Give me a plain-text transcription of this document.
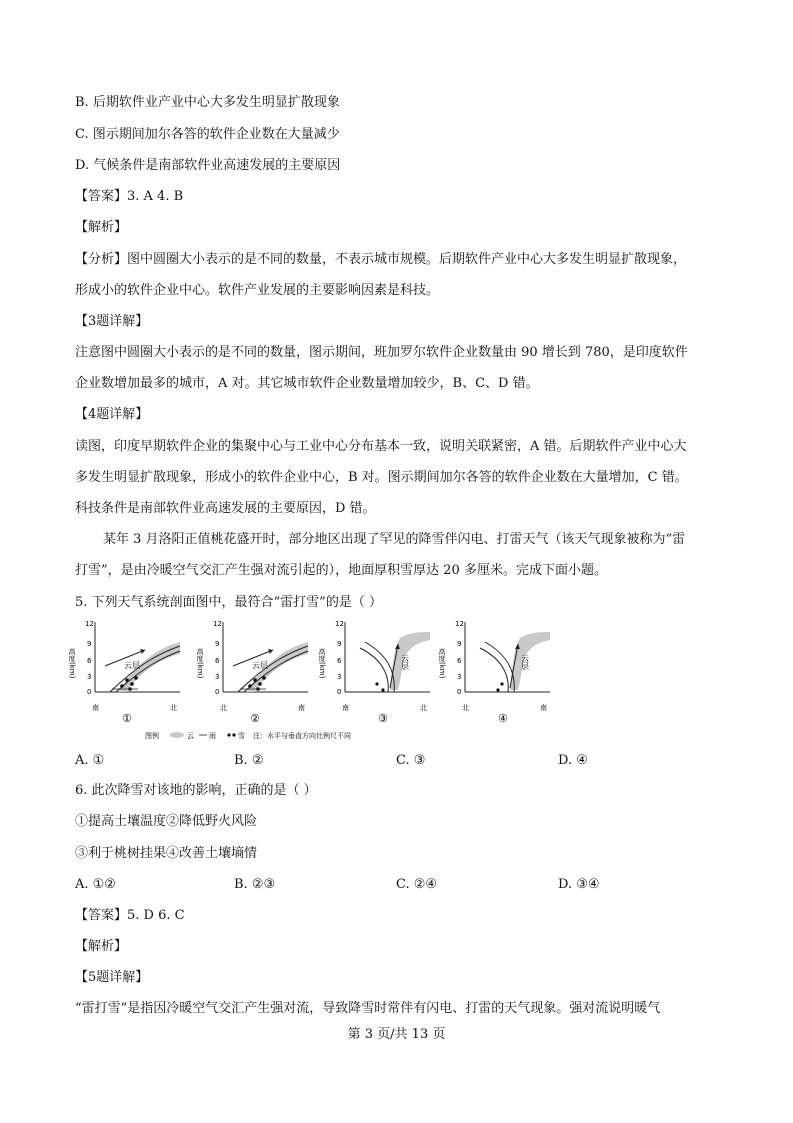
B. 后期软件业产业中心大多发生明显扩散现象
C. 图示期间加尔各答的软件企业数在大量减少
D. 气候条件是南部软件业高速发展的主要原因
【答案】3. A 4. B
【解析】
【分析】图中圆圈大小表示的是不同的数量，不表示城市规模。后期软件产业中心大多发生明显扩散现象，
形成小的软件企业中心。软件产业发展的主要影响因素是科技。
【3题详解】
注意图中圆圈大小表示的是不同的数量，图示期间，班加罗尔软件企业数量由 90 增长到 780，是印度软件
企业数增加最多的城市，A 对。其它城市软件企业数量增加较少，B、C、D 错。
【4题详解】
读图，印度早期软件企业的集聚中心与工业中心分布基本一致，说明关联紧密，A 错。后期软件产业中心大
多发生明显扩散现象，形成小的软件企业中心，B 对。图示期间加尔各答的软件企业数在大量增加，C 错。
科技条件是南部软件业高速发展的主要原因，D 错。
某年 3 月洛阳正值桃花盛开时，部分地区出现了罕见的降雪伴闪电、打雷天气（该天气现象被称为“雷
打雪”，是由冷暖空气交汇产生强对流引起的），地面厚积雪厚达 20 多厘米。完成下面小题。
5. 下列天气系统剖面图中，最符合“雷打雪”的是（ ）
高度(km)
12
9
6
3
0
云层
南	北
①
高度(km)
12
9
6
3
0
云层
北	南
②
高度(km)
12
9
6
3
0
云层
南	北
③
高度(km)
12
9
6
3
0
云层
北	南
④
图例	云 雨	雪 注：水平与垂直方向比例尺不同
A. ①	B. ②	C. ③	D. ④
6. 此次降雪对该地的影响，正确的是（ ）
①提高土壤温度②降低野火风险
③利于桃树挂果④改善土壤墒情
A. ①②	B. ②③	C. ②④	D. ③④
【答案】5. D 6. C
【解析】
【5题详解】
“雷打雪”是指因冷暖空气交汇产生强对流，导致降雪时常伴有闪电、打雷的天气现象。强对流说明暖气
第 3 页/共 13 页
